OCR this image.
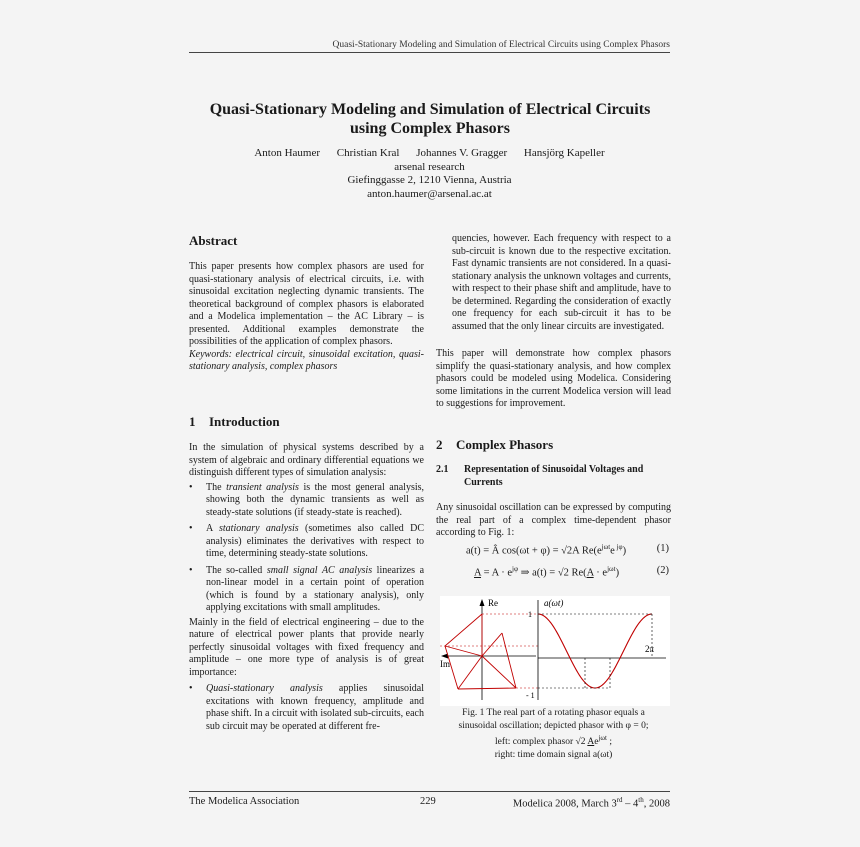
Quasi-Stationary Modeling and Simulation of Electrical Circuits using Complex Phasors
Quasi-Stationary Modeling and Simulation of Electrical Circuits
using Complex Phasors
Anton Haumer Christian Kral Johannes V. Gragger Hansjörg Kapeller
arsenal research
Giefinggasse 2, 1210 Vienna, Austria
anton.haumer@arsenal.ac.at
Abstract

This paper presents how complex phasors are used for quasi-stationary analysis of electrical circuits, i.e. with sinusoidal excitation neglecting dynamic transients. The theoretical background of complex phasors is elaborated and a Modelica implementation – the AC Library – is presented. Additional examples demonstrate the possibilities of the application of complex phasors.

Keywords: electrical circuit, sinusoidal excitation, quasi-stationary analysis, complex phasors

1 Introduction

In the simulation of physical systems described by a system of algebraic and ordinary differential equations we distinguish different types of simulation analysis:

• The transient analysis is the most general analysis, showing both the dynamic transients as well as steady-state solutions (if steady-state is reached).
• A stationary analysis (sometimes also called DC analysis) eliminates the derivatives with respect to time, determining steady-state solutions.
• The so-called small signal AC analysis linearizes a non-linear model in a certain point of operation (which is found by a stationary analysis), only applying excitations with small amplitudes.

Mainly in the field of electrical engineering – due to the nature of electrical power plants that provide nearly perfectly sinusoidal voltages with fixed frequency and amplitude – one more type of analysis is of great importance:

• Quasi-stationary analysis applies sinusoidal excitations with known frequency, amplitude and phase shift. In a circuit with isolated sub-circuits, each sub circuit may be operated at different fre-

quencies, however. Each frequency with respect to a sub-circuit is known due to the respective excitation. Fast dynamic transients are not considered. In a quasi-stationary analysis the unknown voltages and currents, with respect to their phase shift and amplitude, have to be determined. Regarding the consideration of exactly one frequency for each sub-circuit it has to be assumed that the only linear circuits are investigated.

This paper will demonstrate how complex phasors simplify the quasi-stationary analysis, and how complex phasors could be modeled using Modelica. Considering some limitations in the current Modelica version will lead to suggestions for improvement.

2 Complex Phasors
2.1 Representation of Sinusoidal Voltages and Currents

Any sinusoidal oscillation can be expressed by computing the real part of a complex time-dependent phasor according to Fig. 1:

a(t) = Â cos(ωt + φ) = √2A $Re(e^{j\omega t}e$ $^{j\varphi}$)	(1)
$A = A \cdot e^{j\varphi}$ ⇒ a(t) = √2 $Re(A \cdot e^{j\omega t})$	(2)
Re
Im
a(ωt)
1
- 1
2π
Fig. 1 The real part of a rotating phasor equals a
sinusoidal oscillation; depicted phasor with φ = 0;
left: complex phasor √2 $Ae^{j\omega t}$ ;
right: time domain signal a(ωt)
The Modelica Association	229	Modelica 2008, March 3rd – 4th, 2008
